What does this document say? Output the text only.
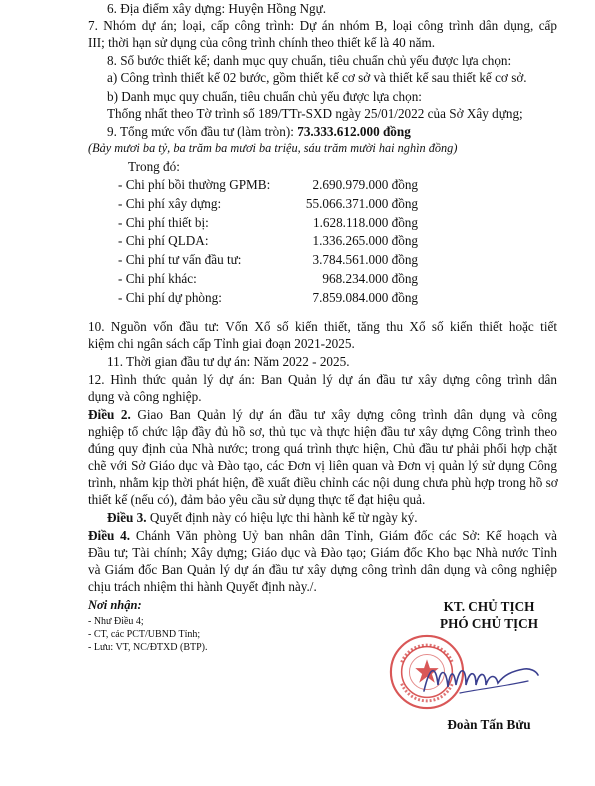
6. Địa điểm xây dựng: Huyện Hồng Ngự.
7. Nhóm dự án; loại, cấp công trình: Dự án nhóm B, loại công trình dân dụng, cấp
III; thời hạn sử dụng của công trình chính theo thiết kế là 40 năm.
8. Số bước thiết kế; danh mục quy chuẩn, tiêu chuẩn chủ yếu được lựa chọn:
a) Công trình thiết kế 02 bước, gồm thiết kế cơ sở và thiết kế sau thiết kế cơ sở.
b) Danh mục quy chuẩn, tiêu chuẩn chủ yếu được lựa chọn:
Thống nhất theo Tờ trình số 189/TTr-SXD ngày 25/01/2022 của Sở Xây dựng;
9. Tổng mức vốn đầu tư (làm tròn): 73.333.612.000 đồng
(Bảy mươi ba tỷ, ba trăm ba mươi ba triệu, sáu trăm mười hai nghìn đồng)
Trong đó:
- Chi phí bồi thường GPMB:	2.690.979.000 đồng
- Chi phí xây dựng:	55.066.371.000 đồng
- Chi phí thiết bị:	1.628.118.000 đồng
- Chi phí QLDA:	1.336.265.000 đồng
- Chi phí tư vấn đầu tư:	3.784.561.000 đồng
- Chi phí khác:	968.234.000 đồng
- Chi phí dự phòng:	7.859.084.000 đồng
10. Nguồn vốn đầu tư: Vốn Xổ số kiến thiết, tăng thu Xổ số kiến thiết hoặc tiết
kiệm chi ngân sách cấp Tỉnh giai đoạn 2021-2025.
11. Thời gian đầu tư dự án: Năm 2022 - 2025.
12. Hình thức quản lý dự án: Ban Quản lý dự án đầu tư xây dựng công trình dân
dụng và công nghiệp.
Điều 2. Giao Ban Quản lý dự án đầu tư xây dựng công trình dân dụng và công
nghiệp tổ chức lập đầy đủ hồ sơ, thủ tục và thực hiện đầu tư xây dựng Công trình theo
đúng quy định của Nhà nước; trong quá trình thực hiện, Chủ đầu tư phải phối hợp chặt
chẽ với Sở Giáo dục và Đào tạo, các Đơn vị liên quan và Đơn vị quản lý sử dụng Công
trình, nhằm kịp thời phát hiện, đề xuất điều chỉnh các nội dung chưa phù hợp trong hồ sơ
thiết kế (nếu có), đảm bảo yêu cầu sử dụng thực tế đạt hiệu quả.
Điều 3. Quyết định này có hiệu lực thi hành kể từ ngày ký.
Điều 4. Chánh Văn phòng Uỷ ban nhân dân Tỉnh, Giám đốc các Sở: Kế hoạch và
Đầu tư; Tài chính; Xây dựng; Giáo dục và Đào tạo; Giám đốc Kho bạc Nhà nước Tỉnh
và Giám đốc Ban Quản lý dự án đầu tư xây dựng công trình dân dụng và công nghiệp
chịu trách nhiệm thi hành Quyết định này./.
Nơi nhận:
- Như Điều 4;
- CT, các PCT/UBND Tỉnh;
- Lưu: VT, NC/ĐTXD (BTP).
KT. CHỦ TỊCH
PHÓ CHỦ TỊCH
Đoàn Tấn Bửu
